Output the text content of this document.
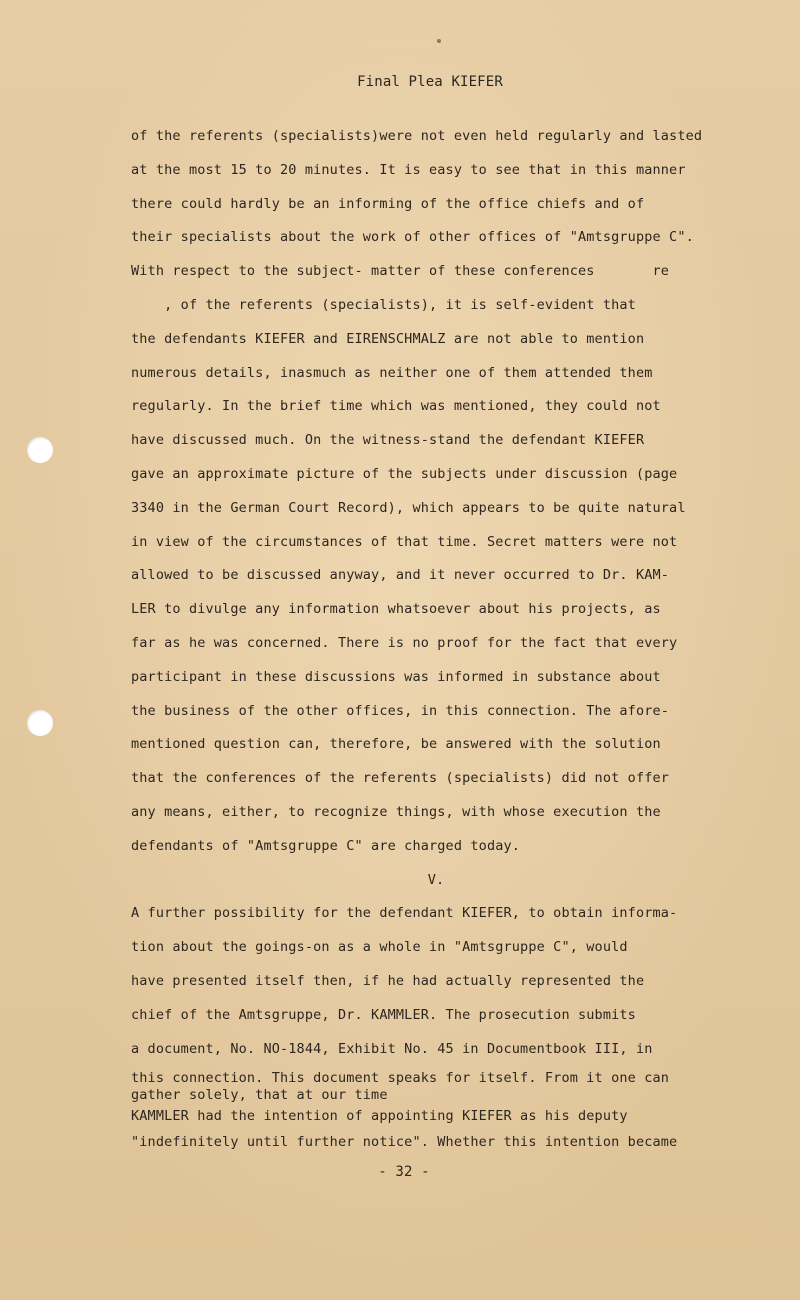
Final Plea KIEFER
of the referents (specialists)were not even held regularly and lasted
at the most 15 to 20 minutes. It is easy to see that in this manner
there could hardly be an informing of the office chiefs and of
their specialists about the work of other offices of "Amtsgruppe C".
With respect to the subject- matter of these conferences       re
, of the referents (specialists), it is self-evident that
the defendants KIEFER and EIRENSCHMALZ are not able to mention
numerous details, inasmuch as neither one of them attended them
regularly. In the brief time which was mentioned, they could not
have discussed much. On the witness-stand the defendant KIEFER
gave an approximate picture of the subjects under discussion (page
3340 in the German Court Record), which appears to be quite natural
in view of the circumstances of that time. Secret matters were not
allowed to be discussed anyway, and it never occurred to Dr. KAM-
LER to divulge any information whatsoever about his projects, as
far as he was concerned. There is no proof for the fact that every
participant in these discussions was informed in substance about
the business of the other offices, in this connection. The afore-
mentioned question can, therefore, be answered with the solution
that the conferences of the referents (specialists) did not offer
any means, either, to recognize things, with whose execution the
defendants of "Amtsgruppe C" are charged today.
V.
A further possibility for the defendant KIEFER, to obtain informa-
tion about the goings-on as a whole in "Amtsgruppe C", would
have presented itself then, if he had actually represented the
chief of the Amtsgruppe, Dr. KAMMLER. The prosecution submits
a document, No. NO-1844, Exhibit No. 45 in Documentbook III, in
this connection. This document speaks for itself. From it one can
gather solely, that at our time
KAMMLER had the intention of appointing KIEFER as his deputy
"indefinitely until further notice". Whether this intention became
- 32 -
